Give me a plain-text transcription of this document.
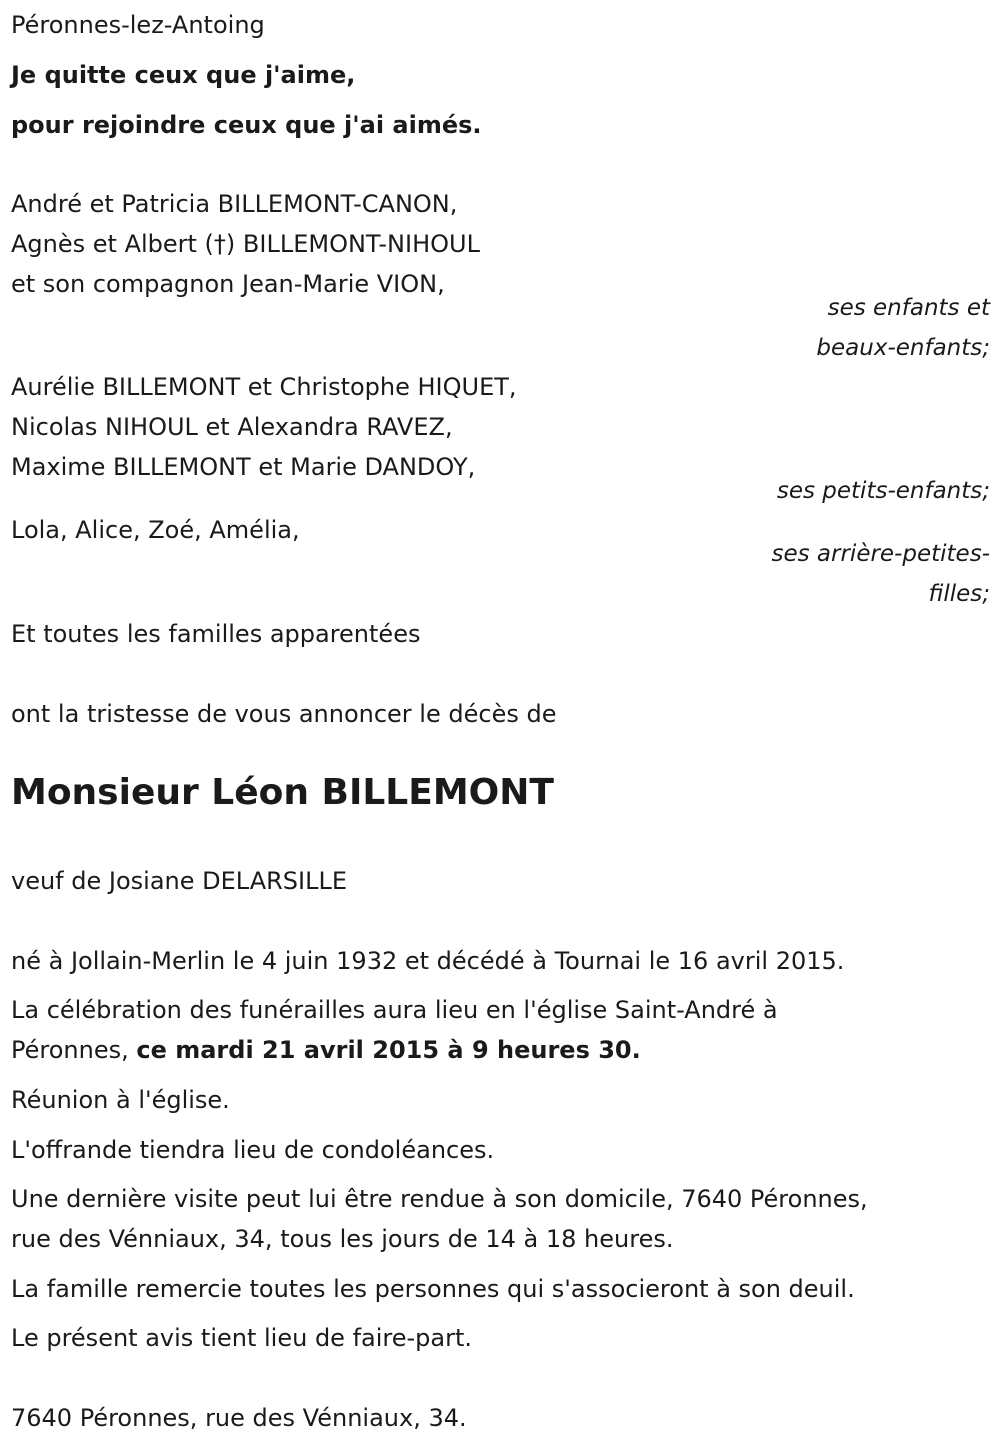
Péronnes-lez-Antoing
Je quitte ceux que j'aime,
pour rejoindre ceux que j'ai aimés.
André et Patricia BILLEMONT-CANON,
Agnès et Albert (†) BILLEMONT-NIHOUL
et son compagnon Jean-Marie VION,
ses enfants et
beaux-enfants;
Aurélie BILLEMONT et Christophe HIQUET,
Nicolas NIHOUL et Alexandra RAVEZ,
Maxime BILLEMONT et Marie DANDOY,
ses petits-enfants;
Lola, Alice, Zoé, Amélia,
ses arrière-petites-
filles;
Et toutes les familles apparentées
ont la tristesse de vous annoncer le décès de
Monsieur Léon BILLEMONT
veuf de Josiane DELARSILLE
né à Jollain-Merlin le 4 juin 1932 et décédé à Tournai le 16 avril 2015.
La célébration des funérailles aura lieu en l'église Saint-André à
Péronnes, ce mardi 21 avril 2015 à 9 heures 30.
Réunion à l'église.
L'offrande tiendra lieu de condoléances.
Une dernière visite peut lui être rendue à son domicile, 7640 Péronnes,
rue des Vénniaux, 34, tous les jours de 14 à 18 heures.
La famille remercie toutes les personnes qui s'associeront à son deuil.
Le présent avis tient lieu de faire-part.
7640 Péronnes, rue des Vénniaux, 34.
